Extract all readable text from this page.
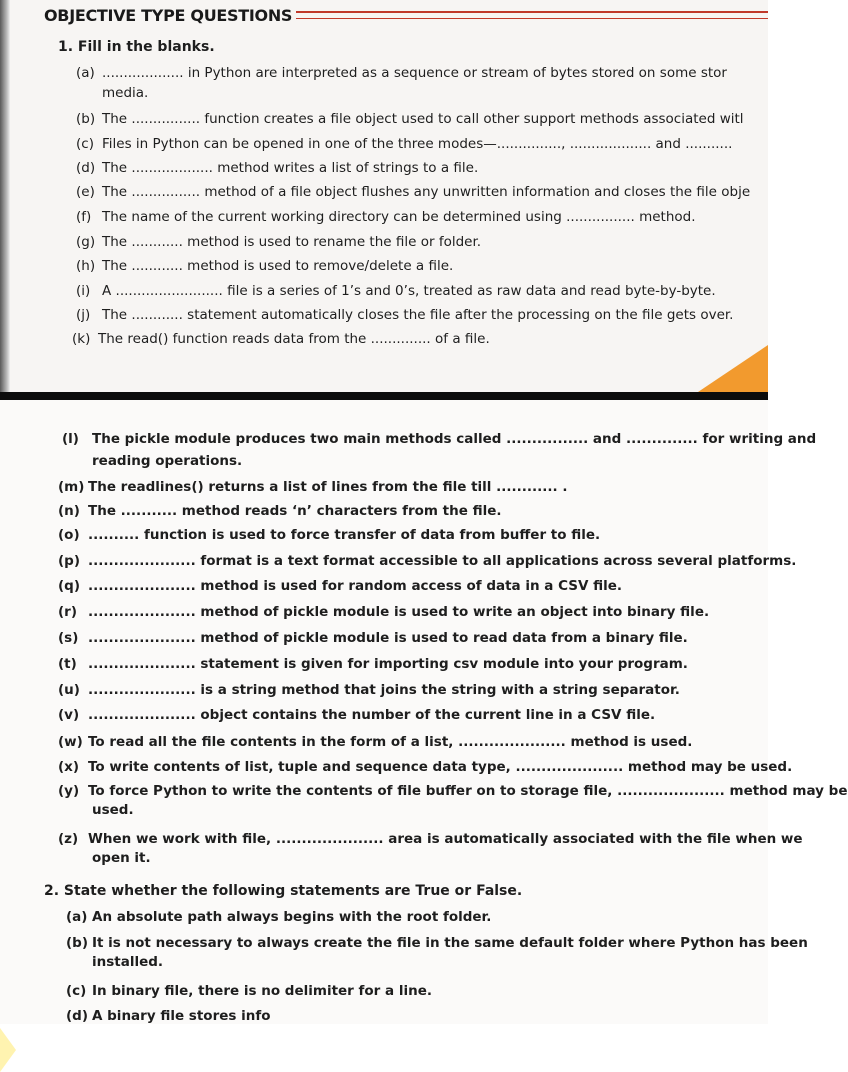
OBJECTIVE TYPE QUESTIONS
1. Fill in the blanks.
(a) ................... in Python are interpreted as a sequence or stream of bytes stored on some stor
media.
(b) The ................ function creates a file object used to call other support methods associated witl
(c) Files in Python can be opened in one of the three modes—..............., ................... and ...........
(d) The ................... method writes a list of strings to a file.
(e) The ................ method of a file object flushes any unwritten information and closes the file obje
(f) The name of the current working directory can be determined using ................ method.
(g) The ............ method is used to rename the file or folder.
(h) The ............ method is used to remove/delete a file.
(i) A ......................... file is a series of 1’s and 0’s, treated as raw data and read byte-by-byte.
(j) The ............ statement automatically closes the file after the processing on the file gets over.
(k) The read() function reads data from the .............. of a file.
(l) The pickle module produces two main methods called ................ and .............. for writing and
reading operations.
(m) The readlines() returns a list of lines from the file till ............ .
(n) The ........... method reads ‘n’ characters from the file.
(o) .......... function is used to force transfer of data from buffer to file.
(p) ..................... format is a text format accessible to all applications across several platforms.
(q) ..................... method is used for random access of data in a CSV file.
(r) ..................... method of pickle module is used to write an object into binary file.
(s) ..................... method of pickle module is used to read data from a binary file.
(t) ..................... statement is given for importing csv module into your program.
(u) ..................... is a string method that joins the string with a string separator.
(v) ..................... object contains the number of the current line in a CSV file.
(w) To read all the file contents in the form of a list, ..................... method is used.
(x) To write contents of list, tuple and sequence data type, ..................... method may be used.
(y) To force Python to write the contents of file buffer on to storage file, ..................... method may be
used.
(z) When we work with file, ..................... area is automatically associated with the file when we
open it.
2. State whether the following statements are True or False.
(a) An absolute path always begins with the root folder.
(b) It is not necessary to always create the file in the same default folder where Python has been
installed.
(c) In binary file, there is no delimiter for a line.
(d) A binary file stores info
